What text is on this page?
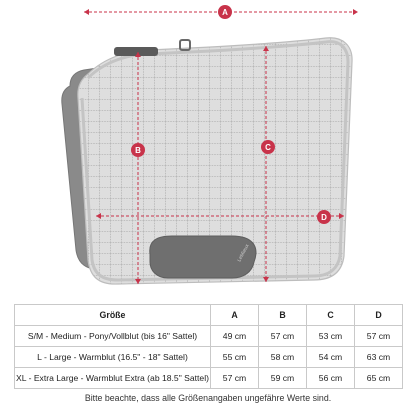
LeMieux
A
B	C
D
Größe	A	B	C	D
S/M - Medium - Pony/Vollblut (bis 16" Sattel)	49 cm	57 cm	53 cm	57 cm
L - Large - Warmblut (16.5" - 18" Sattel)	55 cm	58 cm	54 cm	63 cm
XL - Extra Large - Warmblut Extra (ab 18.5" Sattel)	57 cm	59 cm	56 cm	65 cm
Bitte beachte, dass alle Größenangaben ungefähre Werte sind.
